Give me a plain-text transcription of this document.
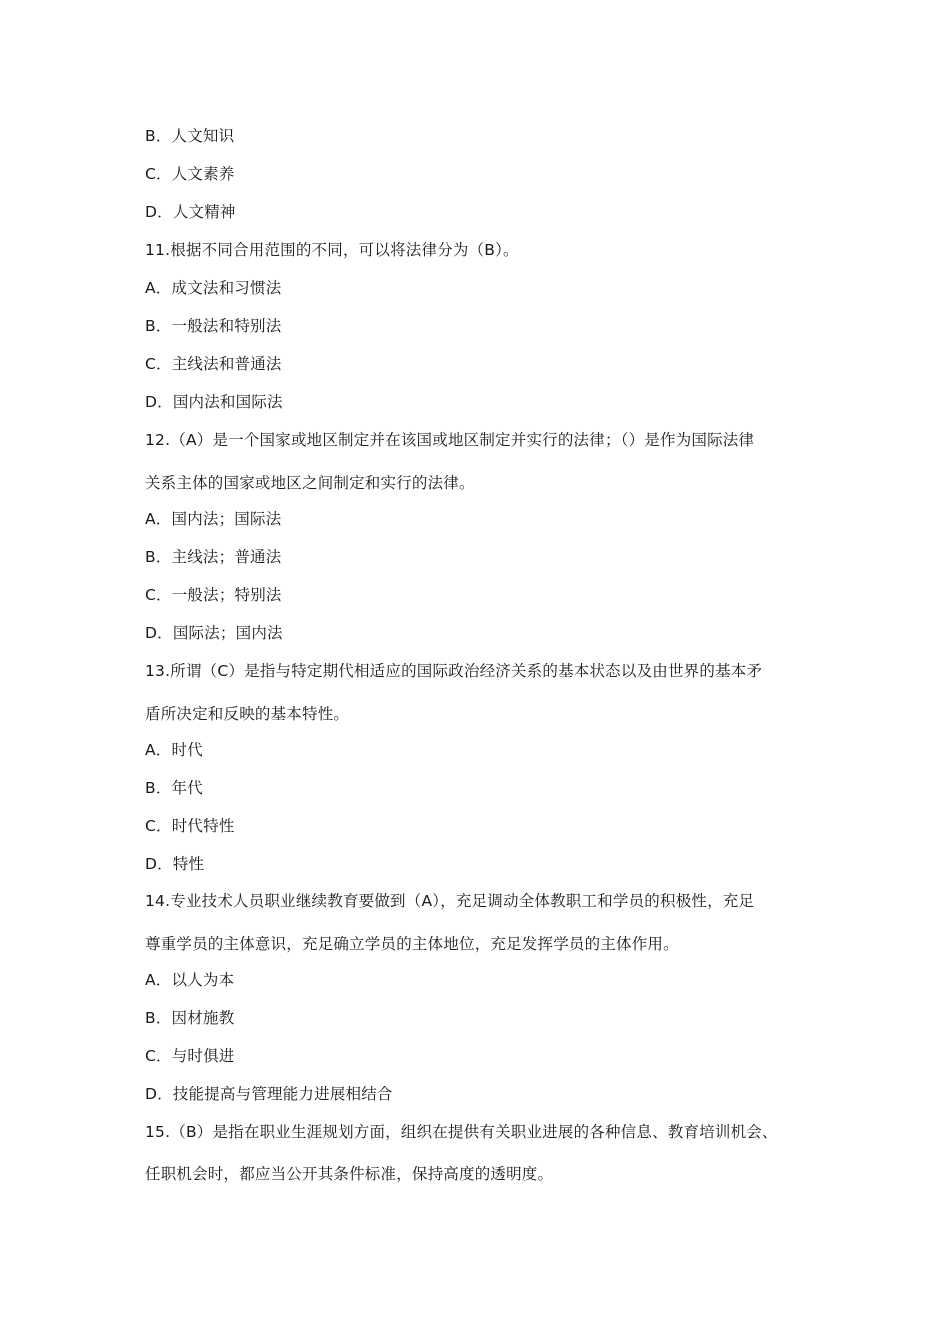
B．人文知识
C．人文素养
D．人文精神
11.根据不同合用范围的不同，可以将法律分为（B）。
A．成文法和习惯法
B．一般法和特别法
C．主线法和普通法
D．国内法和国际法
12.（A）是一个国家或地区制定并在该国或地区制定并实行的法律；（）是作为国际法律
关系主体的国家或地区之间制定和实行的法律。
A．国内法；国际法
B．主线法；普通法
C．一般法；特别法
D．国际法；国内法
13.所谓（C）是指与特定期代相适应的国际政治经济关系的基本状态以及由世界的基本矛
盾所决定和反映的基本特性。
A．时代
B．年代
C．时代特性
D．特性
14.专业技术人员职业继续教育要做到（A），充足调动全体教职工和学员的积极性，充足
尊重学员的主体意识，充足确立学员的主体地位，充足发挥学员的主体作用。
A．以人为本
B．因材施教
C．与时俱进
D．技能提高与管理能力进展相结合
15.（B）是指在职业生涯规划方面，组织在提供有关职业进展的各种信息、教育培训机会、
任职机会时，都应当公开其条件标准，保持高度的透明度。
